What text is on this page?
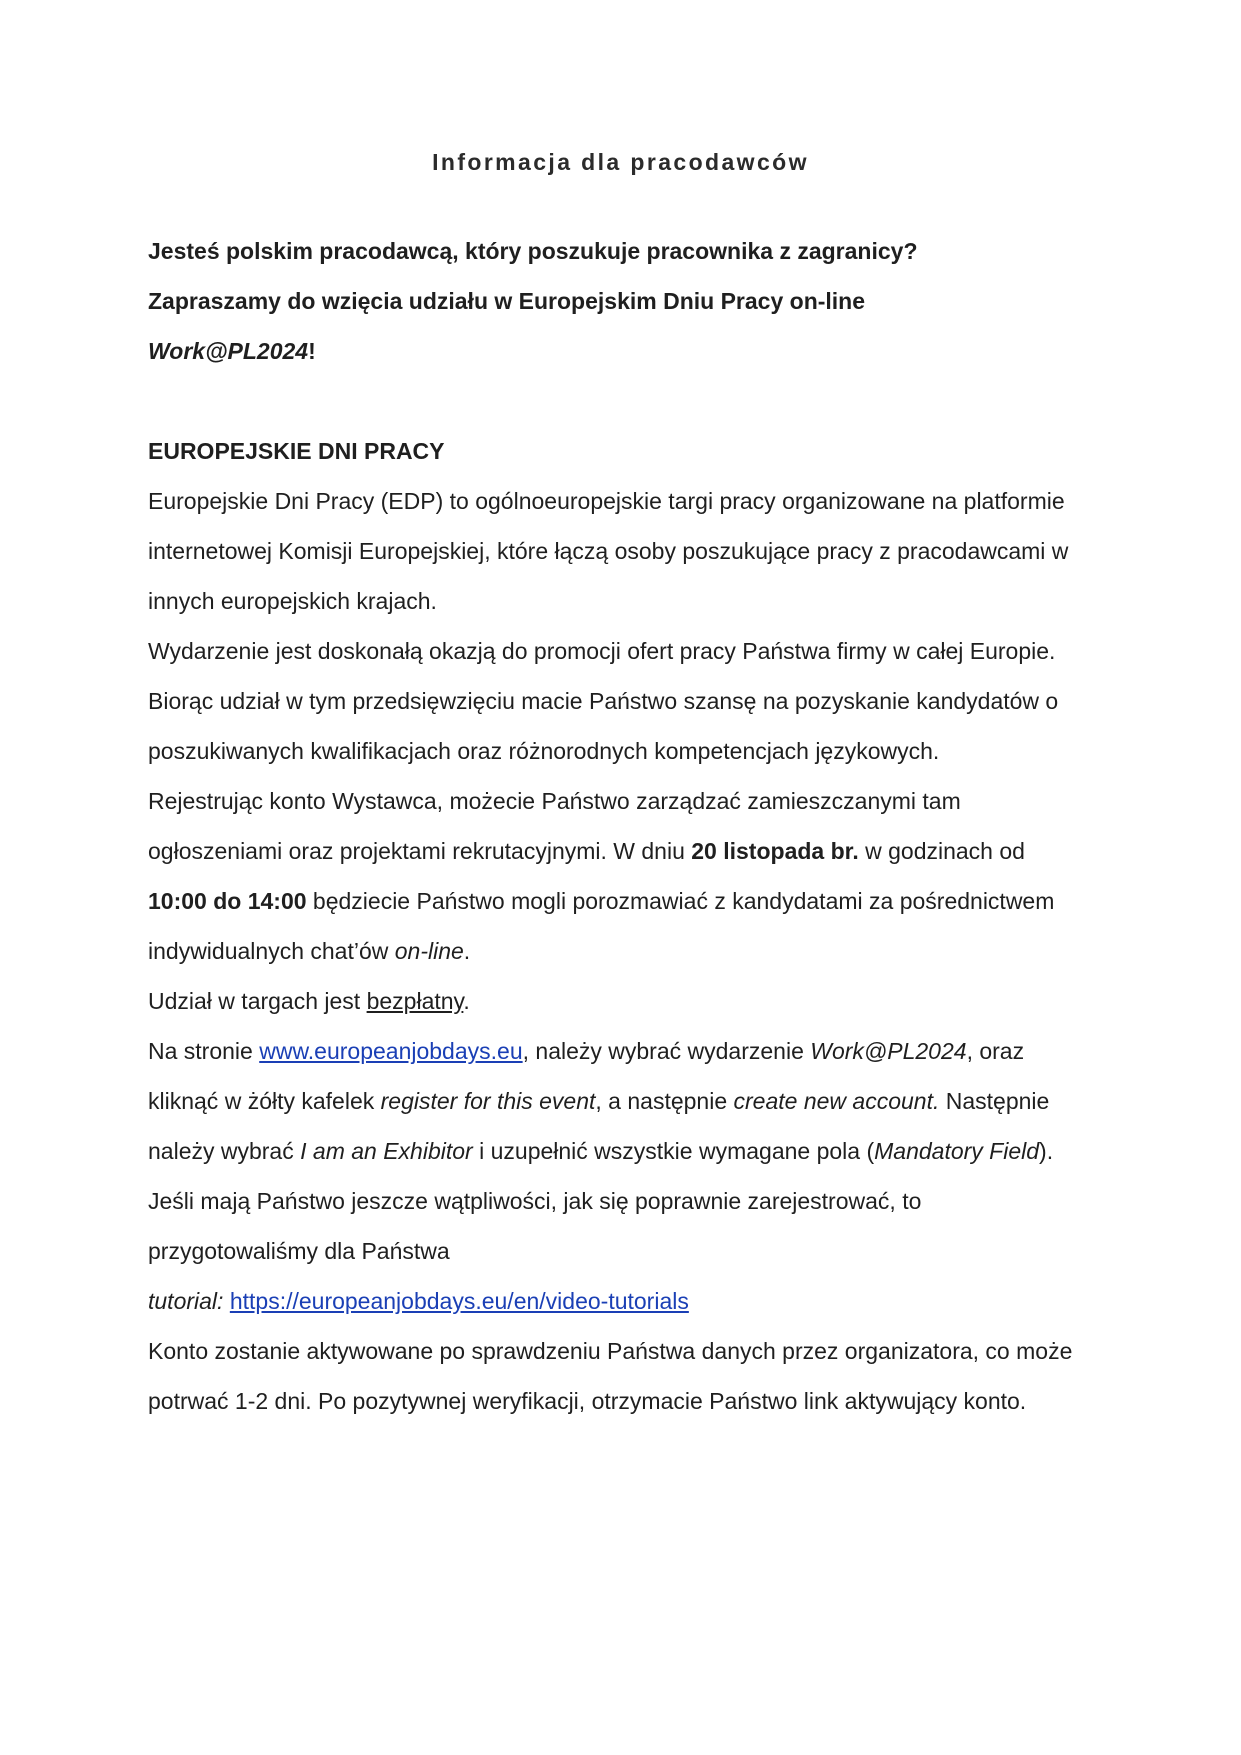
Informacja dla pracodawców

Jesteś polskim pracodawcą, który poszukuje pracownika z zagranicy?

Zapraszamy do wzięcia udziału w Europejskim Dniu Pracy on-line

Work@PL2024!

EUROPEJSKIE DNI PRACY

Europejskie Dni Pracy (EDP) to ogólnoeuropejskie targi pracy organizowane na platformie internetowej Komisji Europejskiej, które łączą osoby poszukujące pracy z pracodawcami w innych europejskich krajach.

Wydarzenie jest doskonałą okazją do promocji ofert pracy Państwa firmy w całej Europie.

Biorąc udział w tym przedsięwzięciu macie Państwo szansę na pozyskanie kandydatów o poszukiwanych kwalifikacjach oraz różnorodnych kompetencjach językowych.

Rejestrując konto Wystawca, możecie Państwo zarządzać zamieszczanymi tam ogłoszeniami oraz projektami rekrutacyjnymi. W dniu 20 listopada br. w godzinach od 10:00 do 14:00 będziecie Państwo mogli porozmawiać z kandydatami za pośrednictwem indywidualnych chat’ów on-line.

Udział w targach jest bezpłatny.

Na stronie www.europeanjobdays.eu, należy wybrać wydarzenie Work@PL2024, oraz kliknąć w żółty kafelek register for this event, a następnie create new account. Następnie należy wybrać I am an Exhibitor i uzupełnić wszystkie wymagane pola (Mandatory Field). Jeśli mają Państwo jeszcze wątpliwości, jak się poprawnie zarejestrować, to przygotowaliśmy dla Państwa
tutorial: https://europeanjobdays.eu/en/video-tutorials

Konto zostanie aktywowane po sprawdzeniu Państwa danych przez organizatora, co może potrwać 1-2 dni. Po pozytywnej weryfikacji, otrzymacie Państwo link aktywujący konto.
